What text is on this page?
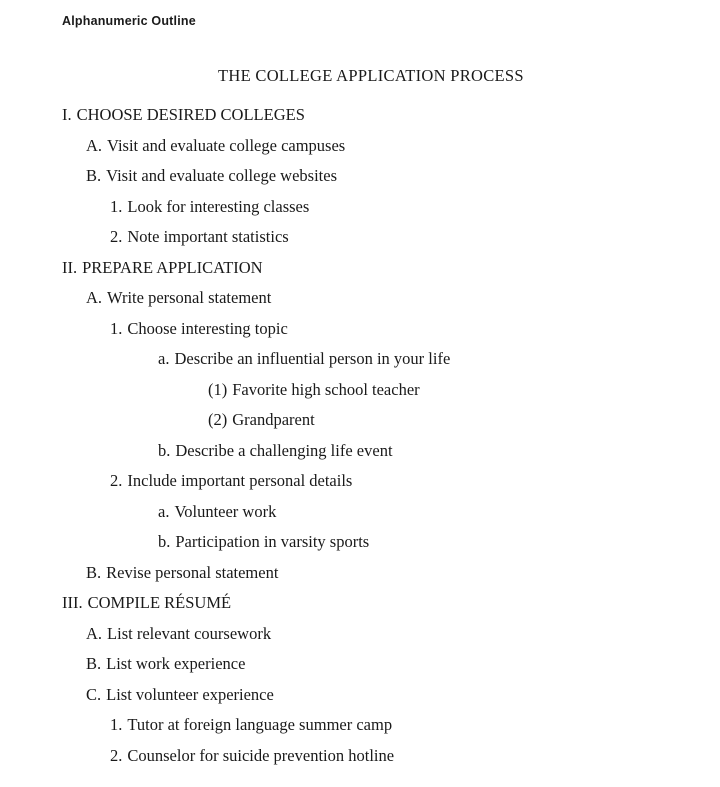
Alphanumeric Outline
THE COLLEGE APPLICATION PROCESS
I. CHOOSE DESIRED COLLEGES
A. Visit and evaluate college campuses
B. Visit and evaluate college websites
1. Look for interesting classes
2. Note important statistics
II. PREPARE APPLICATION
A. Write personal statement
1. Choose interesting topic
a. Describe an influential person in your life
(1) Favorite high school teacher
(2) Grandparent
b. Describe a challenging life event
2. Include important personal details
a. Volunteer work
b. Participation in varsity sports
B. Revise personal statement
III. COMPILE RÉSUMÉ
A. List relevant coursework
B. List work experience
C. List volunteer experience
1. Tutor at foreign language summer camp
2. Counselor for suicide prevention hotline
